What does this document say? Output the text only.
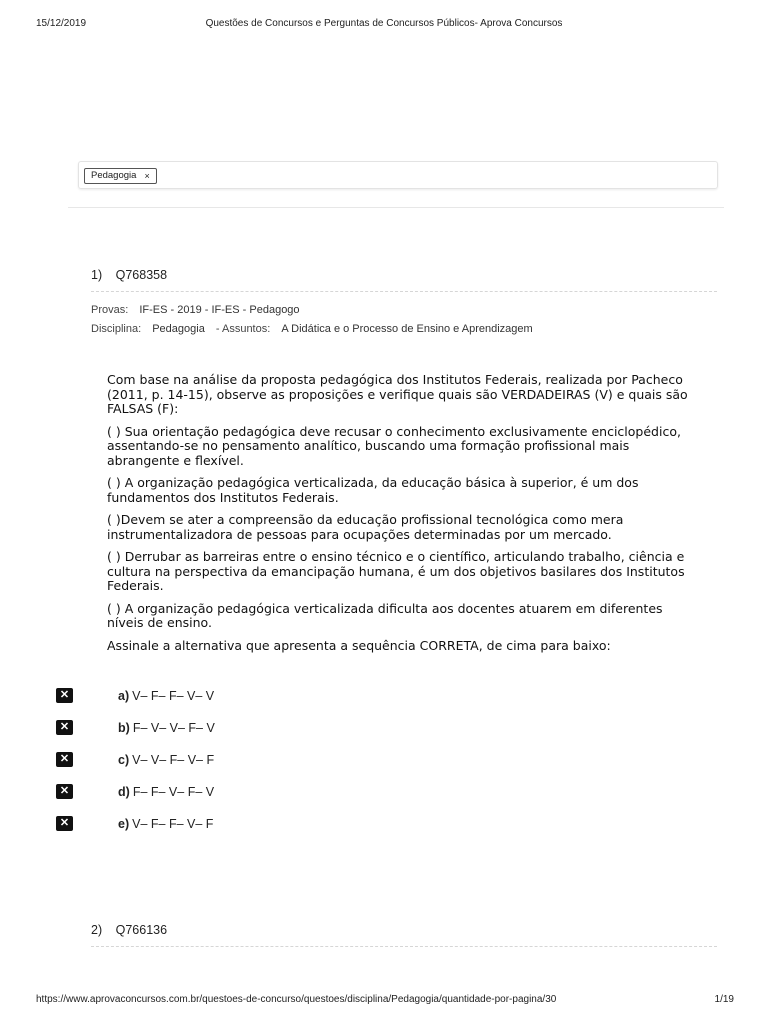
15/12/2019	Questões de Concursos e Perguntas de Concursos Públicos- Aprova Concursos
Pedagogia ×
1) Q768358
Provas: IF-ES - 2019 - IF-ES - Pedagogo
Disciplina: Pedagogia - Assuntos: A Didática e o Processo de Ensino e Aprendizagem

Com base na análise da proposta pedagógica dos Institutos Federais, realizada por Pacheco (2011, p. 14-15), observe as proposições e verifique quais são VERDADEIRAS (V) e quais são FALSAS (F):

( ) Sua orientação pedagógica deve recusar o conhecimento exclusivamente enciclopédico, assentando-se no pensamento analítico, buscando uma formação profissional mais abrangente e flexível.

( ) A organização pedagógica verticalizada, da educação básica à superior, é um dos fundamentos dos Institutos Federais.

( )Devem se ater a compreensão da educação profissional tecnológica como mera instrumentalizadora de pessoas para ocupações determinadas por um mercado.

( ) Derrubar as barreiras entre o ensino técnico e o científico, articulando trabalho, ciência e cultura na perspectiva da emancipação humana, é um dos objetivos basilares dos Institutos Federais.

( ) A organização pedagógica verticalizada dificulta aos docentes atuarem em diferentes níveis de ensino.

Assinale a alternativa que apresenta a sequência CORRETA, de cima para baixo:

✕	a) V– F– F– V– V
✕	b) F– V– V– F– V
✕	c) V– V– F– V– F
✕	d) F– F– V– F– V
✕	e) V– F– F– V– F
2) Q766136
https://www.aprovaconcursos.com.br/questoes-de-concurso/questoes/disciplina/Pedagogia/quantidade-por-pagina/30	1/19
